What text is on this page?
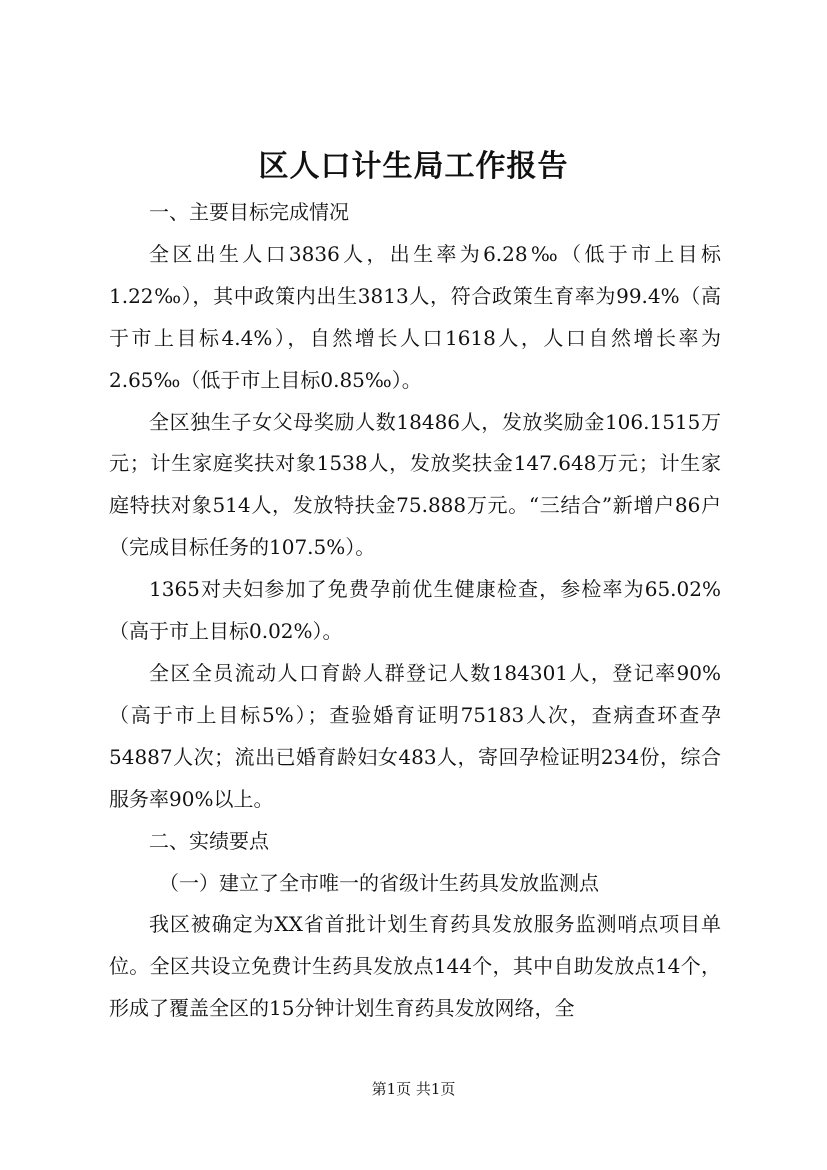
区人口计生局工作报告

一、主要目标完成情况

全区出生人口3836人，出生率为6.28‰（低于市上目标1.22‰），其中政策内出生3813人，符合政策生育率为99.4%（高于市上目标4.4%），自然增长人口1618人，人口自然增长率为2.65‰（低于市上目标0.85‰）。

全区独生子女父母奖励人数18486人，发放奖励金106.1515万元；计生家庭奖扶对象1538人，发放奖扶金147.648万元；计生家庭特扶对象514人，发放特扶金75.888万元。“三结合”新增户86户（完成目标任务的107.5%）。

1365对夫妇参加了免费孕前优生健康检查，参检率为65.02%（高于市上目标0.02%）。

全区全员流动人口育龄人群登记人数184301人，登记率90%（高于市上目标5%）；查验婚育证明75183人次，查病查环查孕54887人次；流出已婚育龄妇女483人，寄回孕检证明234份，综合服务率90%以上。

二、实绩要点

（一）建立了全市唯一的省级计生药具发放监测点

我区被确定为XX省首批计划生育药具发放服务监测哨点项目单位。全区共设立免费计生药具发放点144个，其中自助发放点14个，形成了覆盖全区的15分钟计划生育药具发放网络，全

第1页 共1页
